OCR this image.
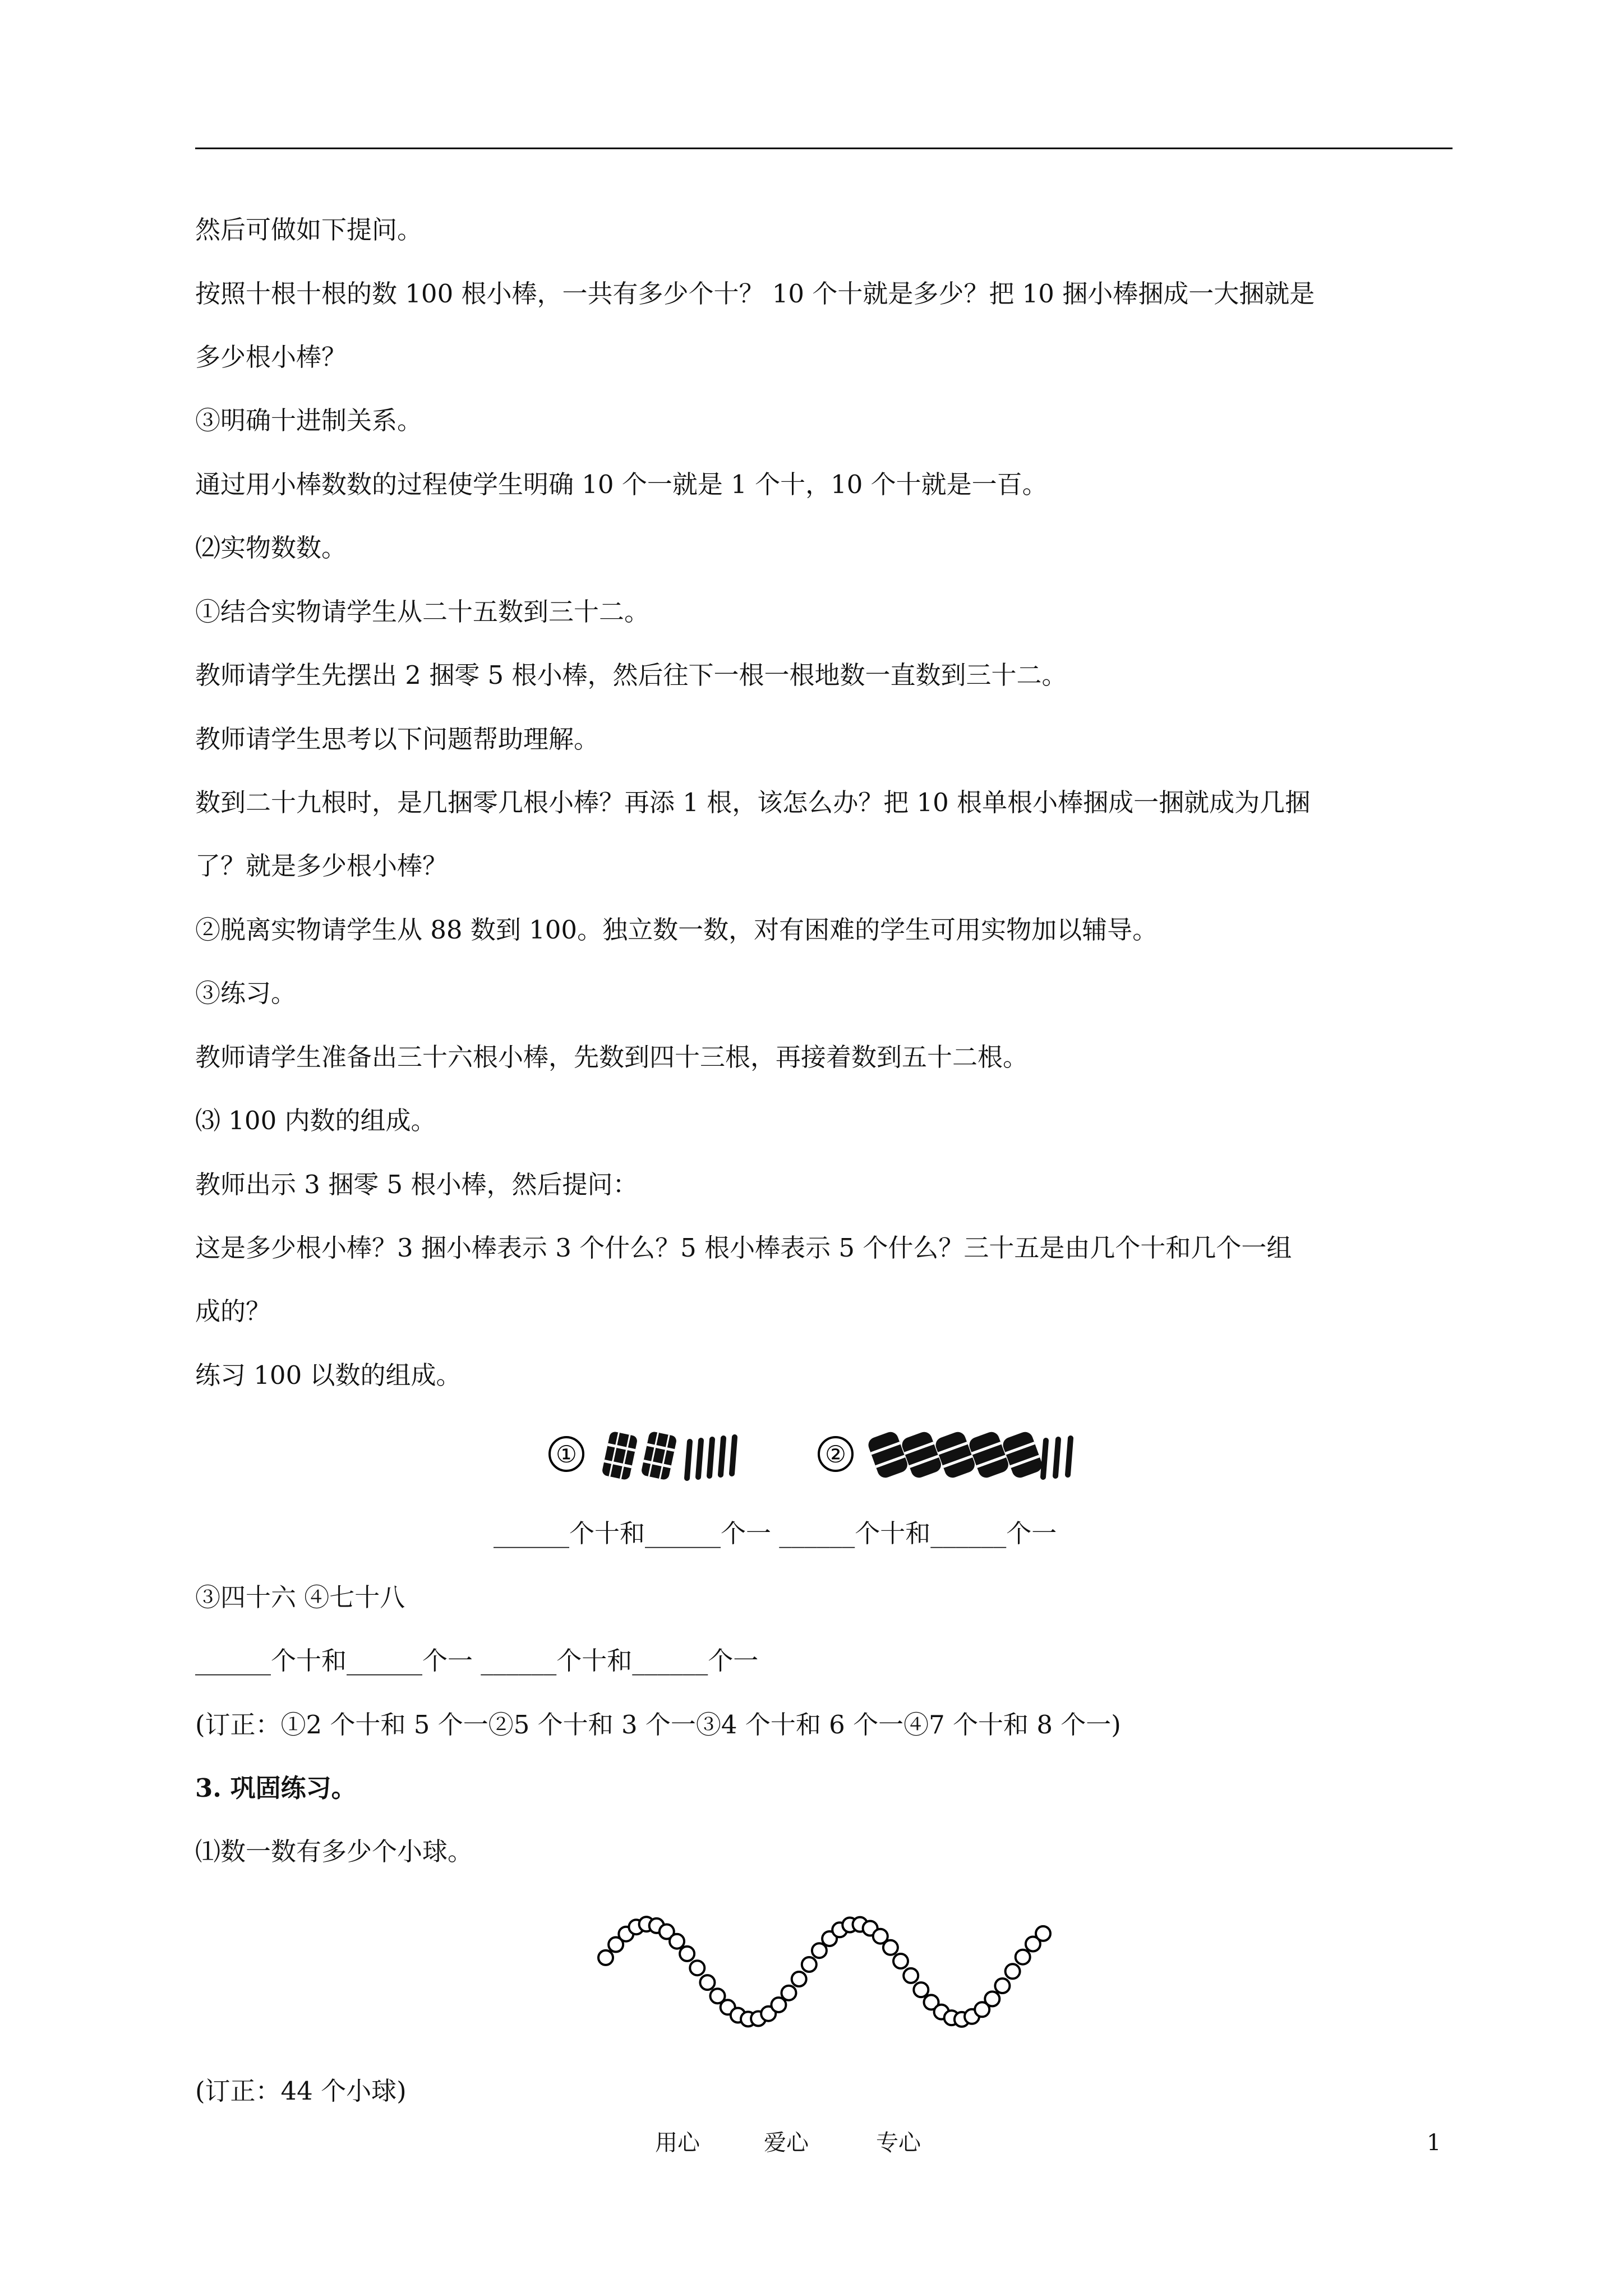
然后可做如下提问。
按照十根十根的数 100 根小棒，一共有多少个十？ 10 个十就是多少？把 10 捆小棒捆成一大捆就是
多少根小棒？
③明确十进制关系。
通过用小棒数数的过程使学生明确 10 个一就是 1 个十，10 个十就是一百。
⑵实物数数。
①结合实物请学生从二十五数到三十二。
教师请学生先摆出 2 捆零 5 根小棒，然后往下一根一根地数一直数到三十二。
教师请学生思考以下问题帮助理解。
数到二十九根时，是几捆零几根小棒？再添 1 根，该怎么办？把 10 根单根小棒捆成一捆就成为几捆
了？就是多少根小棒？
②脱离实物请学生从 88 数到 100。独立数一数，对有困难的学生可用实物加以辅导。
③练习。
教师请学生准备出三十六根小棒，先数到四十三根，再接着数到五十二根。
⑶ 100 内数的组成。
教师出示 3 捆零 5 根小棒，然后提问：
这是多少根小棒？3 捆小棒表示 3 个什么？5 根小棒表示 5 个什么？三十五是由几个十和几个一组
成的？
练习 100 以数的组成。
①	②
______个十和______个一 ______个十和______个一
③四十六 ④七十八
______个十和______个一 ______个十和______个一
(订正：①2 个十和 5 个一②5 个十和 3 个一③4 个十和 6 个一④7 个十和 8 个一)
3. 巩固练习。
⑴数一数有多少个小球。
(订正：44 个小球)
用心	爱心	专心	1
